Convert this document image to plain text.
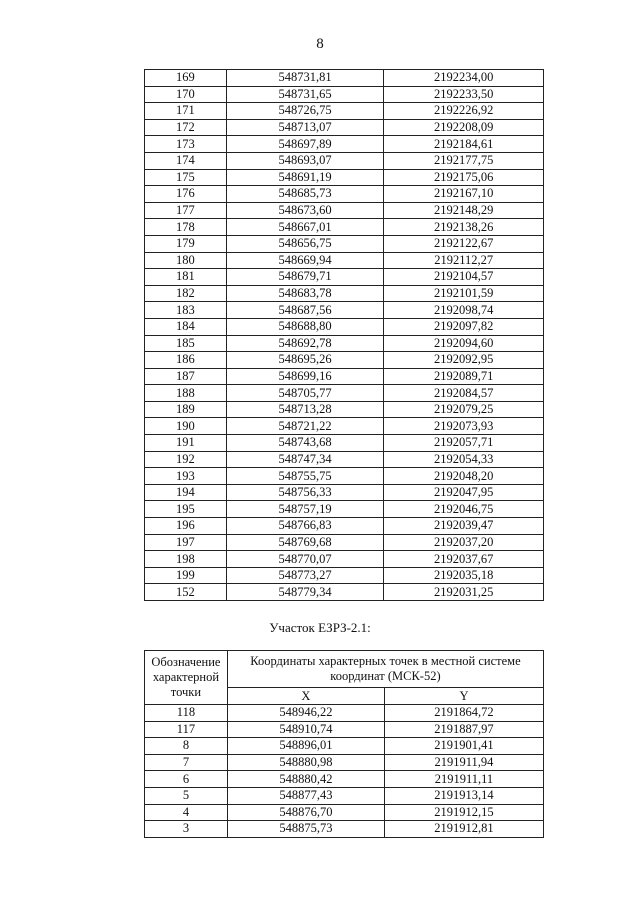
8
169	548731,81	2192234,00
170	548731,65	2192233,50
171	548726,75	2192226,92
172	548713,07	2192208,09
173	548697,89	2192184,61
174	548693,07	2192177,75
175	548691,19	2192175,06
176	548685,73	2192167,10
177	548673,60	2192148,29
178	548667,01	2192138,26
179	548656,75	2192122,67
180	548669,94	2192112,27
181	548679,71	2192104,57
182	548683,78	2192101,59
183	548687,56	2192098,74
184	548688,80	2192097,82
185	548692,78	2192094,60
186	548695,26	2192092,95
187	548699,16	2192089,71
188	548705,77	2192084,57
189	548713,28	2192079,25
190	548721,22	2192073,93
191	548743,68	2192057,71
192	548747,34	2192054,33
193	548755,75	2192048,20
194	548756,33	2192047,95
195	548757,19	2192046,75
196	548766,83	2192039,47
197	548769,68	2192037,20
198	548770,07	2192037,67
199	548773,27	2192035,18
152	548779,34	2192031,25
Участок ЕЗРЗ-2.1:
Обозначение характерной точки	Координаты характерных точек в местной системе координат (МСК-52)	
	X	Y
118	548946,22	2191864,72
117	548910,74	2191887,97
8	548896,01	2191901,41
7	548880,98	2191911,94
6	548880,42	2191911,11
5	548877,43	2191913,14
4	548876,70	2191912,15
3	548875,73	2191912,81
